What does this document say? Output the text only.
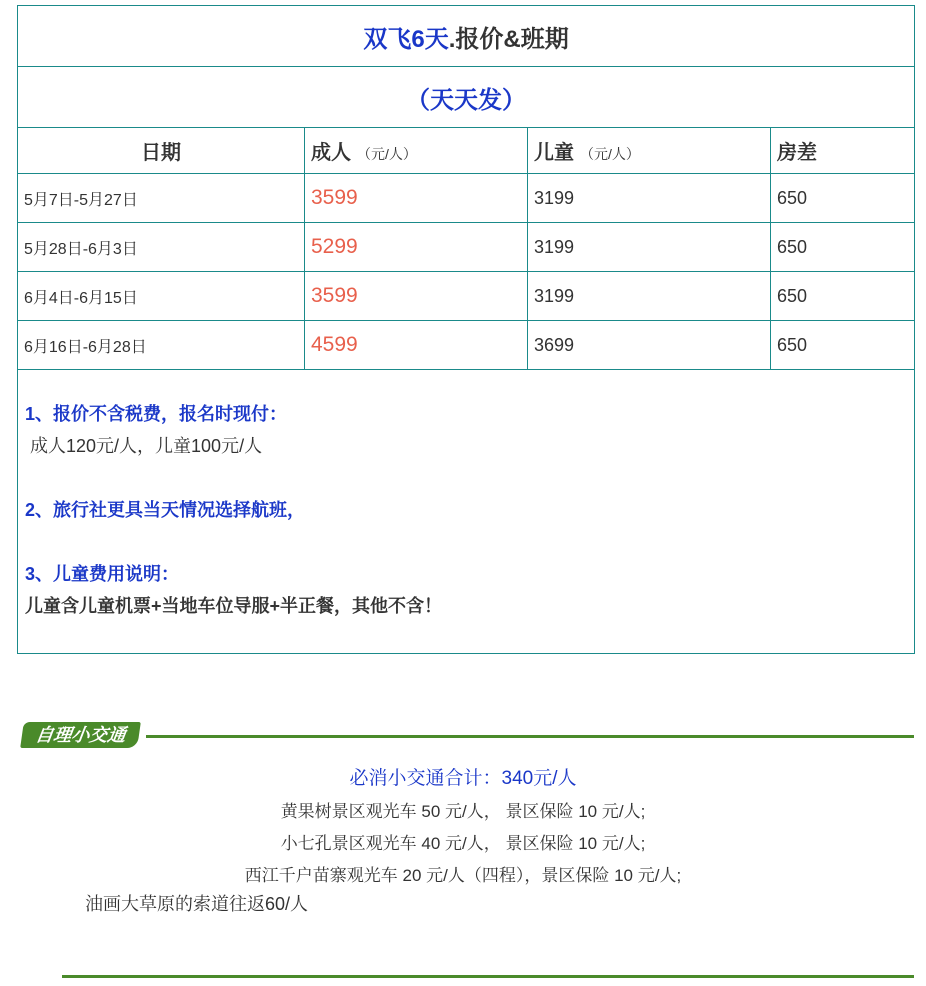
双飞6天.报价&班期			
（天天发）			
日期	成人 （元/人）	儿童 （元/人）	房差
5月7日-5月27日	3599	3199	650
5月28日-6月3日	5299	3199	650
6月4日-6月15日	3599	3199	650
6月16日-6月28日	4599	3699	650

1、报价不含税费，报名时现付：
成人120元/人，儿童100元/人
2、旅行社更具当天情况选择航班，
3、儿童费用说明：
儿童含儿童机票+当地车位导服+半正餐，其他不含！			
自理小交通
必消小交通合计：340元/人
黄果树景区观光车 50 元/人， 景区保险 10 元/人;
小七孔景区观光车 40 元/人， 景区保险 10 元/人;
西江千户苗寨观光车 20 元/人（四程），景区保险 10 元/人;
油画大草原的索道往返60/人
